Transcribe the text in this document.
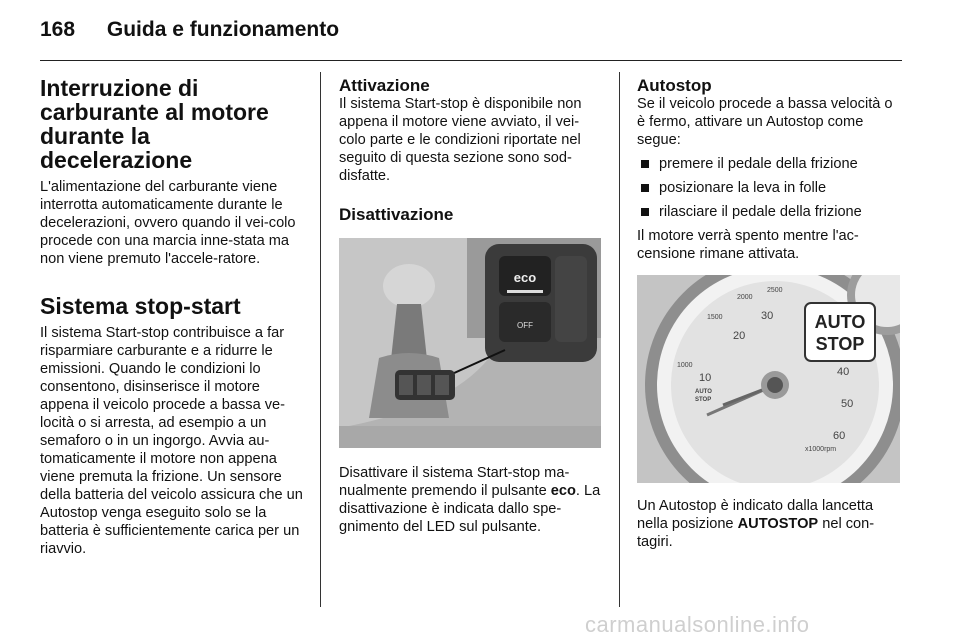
168 Guida e funzionamento
Interruzione di carburante al motore durante la decelerazione

L'alimentazione del carburante viene interrotta automaticamente durante le decelerazioni, ovvero quando il vei-colo procede con una marcia inne-stata ma non viene premuto l'accele-ratore.

Sistema stop-start

Il sistema Start-stop contribuisce a far risparmiare carburante e a ridurre le emissioni. Quando le condizioni lo consentono, disinserisce il motore appena il veicolo procede a bassa ve-locità o si arresta, ad esempio a un semaforo o in un ingorgo. Avvia au-tomaticamente il motore non appena viene premuta la frizione. Un sensore della batteria del veicolo assicura che un Autostop venga eseguito solo se la batteria è sufficientemente carica per un riavvio.

Attivazione

Il sistema Start-stop è disponibile non appena il motore viene avviato, il vei-colo parte e le condizioni riportate nel seguito di questa sezione sono sod-disfatte.

Disattivazione
eco
OFF

Disattivare il sistema Start-stop ma-nualmente premendo il pulsante eco. La disattivazione è indicata dallo spe-gnimento del LED sul pulsante.

Autostop

Se il veicolo procede a bassa velocità o è fermo, attivare un Autostop come segue:

premere il pedale della frizione
posizionare la leva in folle
rilasciare il pedale della frizione

Il motore verrà spento mentre l'ac-censione rimane attivata.

10
20
30
40
50
60
1000
1500
2000
2500
x1000rpm
AUTO
STOP
AUTO
STOP

Un Autostop è indicato dalla lancetta nella posizione AUTOSTOP nel con-tagiri.

carmanualsonline.info
